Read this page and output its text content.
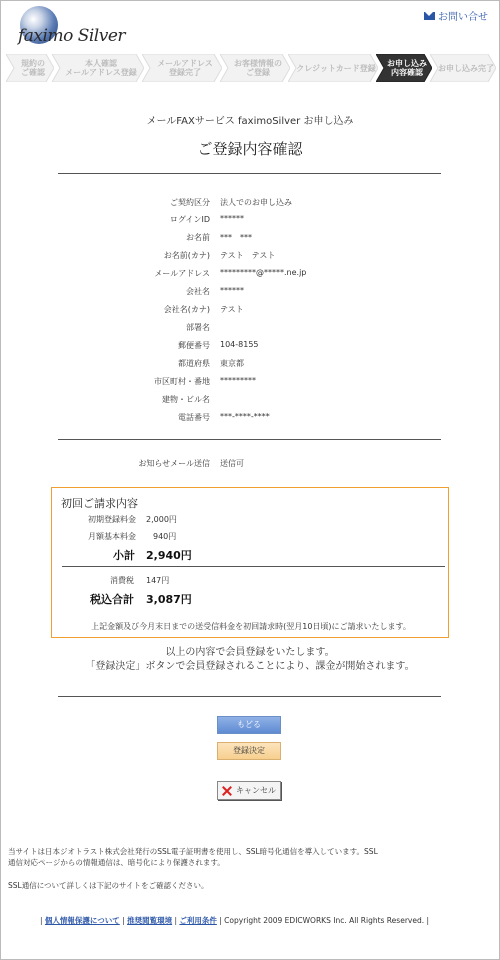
faximo Silver
お問い合せ
規約の
ご確認
本人確認
メールアドレス登録
メールアドレス
登録完了
お客様情報の
ご登録	クレジットカード登録	お申し込み
内容確認	お申し込み完了
メールFAXサービス faximoSilver お申し込み
ご登録内容確認
ご契約区分 法人でのお申し込み
ログインID ******
お名前 ***　***
お名前(カナ) テスト　テスト
メールアドレス *********@*****.ne.jp
会社名 ******
会社名(カナ) テスト
部署名
郵便番号 104-8155
都道府県 東京都
市区町村・番地 *********
建物・ビル名
電話番号 ***-****-****
お知らせメール送信 送信可
初回ご請求内容
初期登録料金 2,000円
月額基本料金 940円
小計 2,940円
消費税 147円
税込合計 3,087円
上記金額及び今月末日までの送受信料金を初回請求時(翌月10日頃)にご請求いたします。
以上の内容で会員登録をいたします。
「登録決定」ボタンで会員登録されることにより、課金が開始されます。
もどる
登録決定
キャンセル
当サイトは日本ジオトラスト株式会社発行のSSL電子証明書を使用し、SSL暗号化通信を導入しています。SSL
通信対応ページからの情報通信は、暗号化により保護されます。
SSL通信について詳しくは下記のサイトをご確認ください。
| 個人情報保護について | 推奨閲覧環境 | ご利用条件 | Copyright 2009 EDICWORKS Inc. All Rights Reserved. |
